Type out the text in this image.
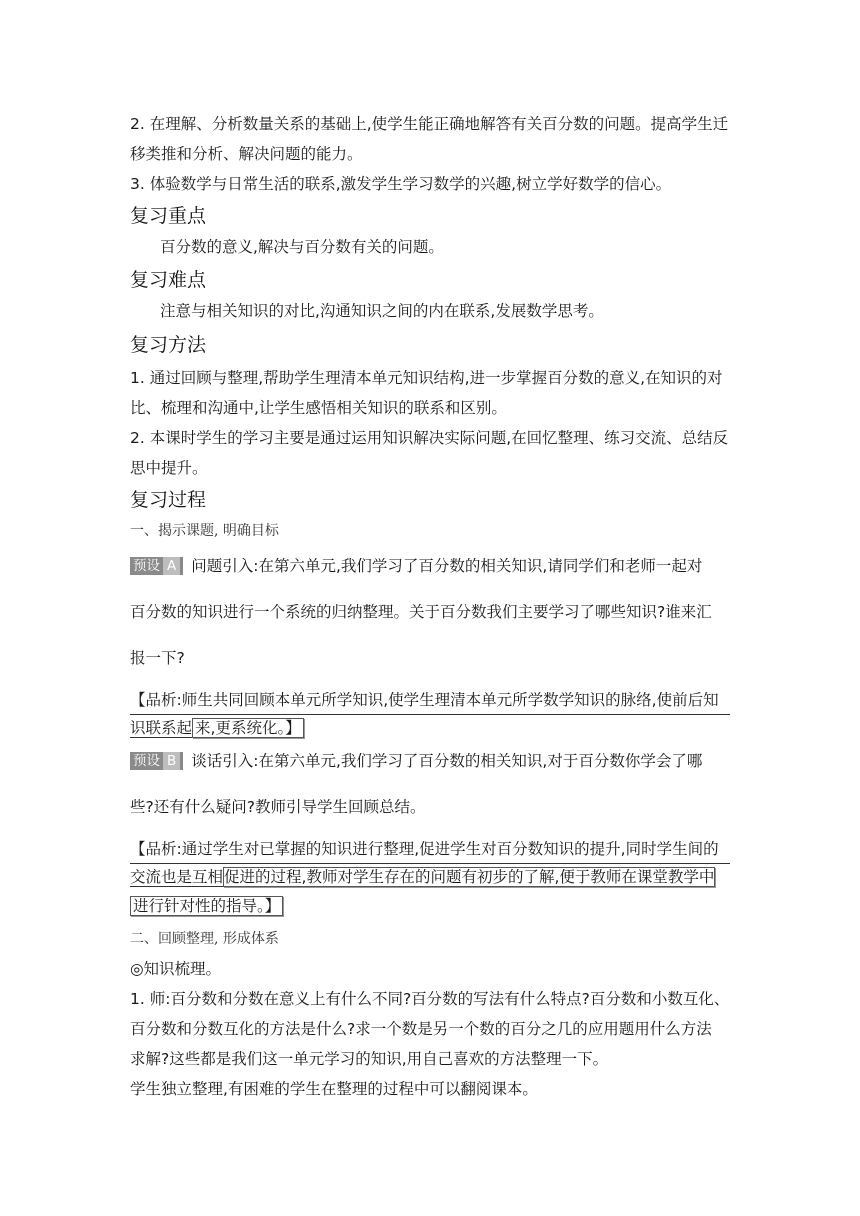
2. 在理解、分析数量关系的基础上,使学生能正确地解答有关百分数的问题。提高学生迁

移类推和分析、解决问题的能力。

3. 体验数学与日常生活的联系,激发学生学习数学的兴趣,树立学好数学的信心。

复习重点

百分数的意义,解决与百分数有关的问题。

复习难点

注意与相关知识的对比,沟通知识之间的内在联系,发展数学思考。

复习方法

1. 通过回顾与整理,帮助学生理清本单元知识结构,进一步掌握百分数的意义,在知识的对

比、梳理和沟通中,让学生感悟相关知识的联系和区别。

2. 本课时学生的学习主要是通过运用知识解决实际问题,在回忆整理、练习交流、总结反

思中提升。

复习过程

一、揭示课题, 明确目标

预设 A 问题引入:在第六单元,我们学习了百分数的相关知识,请同学们和老师一起对

百分数的知识进行一个系统的归纳整理。关于百分数我们主要学习了哪些知识?谁来汇

报一下?

【品析:师生共同回顾本单元所学知识,使学生理清本单元所学数学知识的脉络,使前后知

识联系起 来,更系统化。】

预设 B 谈话引入:在第六单元,我们学习了百分数的相关知识,对于百分数你学会了哪

些?还有什么疑问?教师引导学生回顾总结。

【品析:通过学生对已掌握的知识进行整理,促进学生对百分数知识的提升,同时学生间的

交流也是互相促进的过程,教师对学生存在的问题有初步的了解,便于教师在课堂教学中

进行针对性的指导。】

二、回顾整理, 形成体系

◎知识梳理。

1. 师:百分数和分数在意义上有什么不同?百分数的写法有什么特点?百分数和小数互化、

百分数和分数互化的方法是什么?求一个数是另一个数的百分之几的应用题用什么方法

求解?这些都是我们这一单元学习的知识,用自己喜欢的方法整理一下。

学生独立整理,有困难的学生在整理的过程中可以翻阅课本。
